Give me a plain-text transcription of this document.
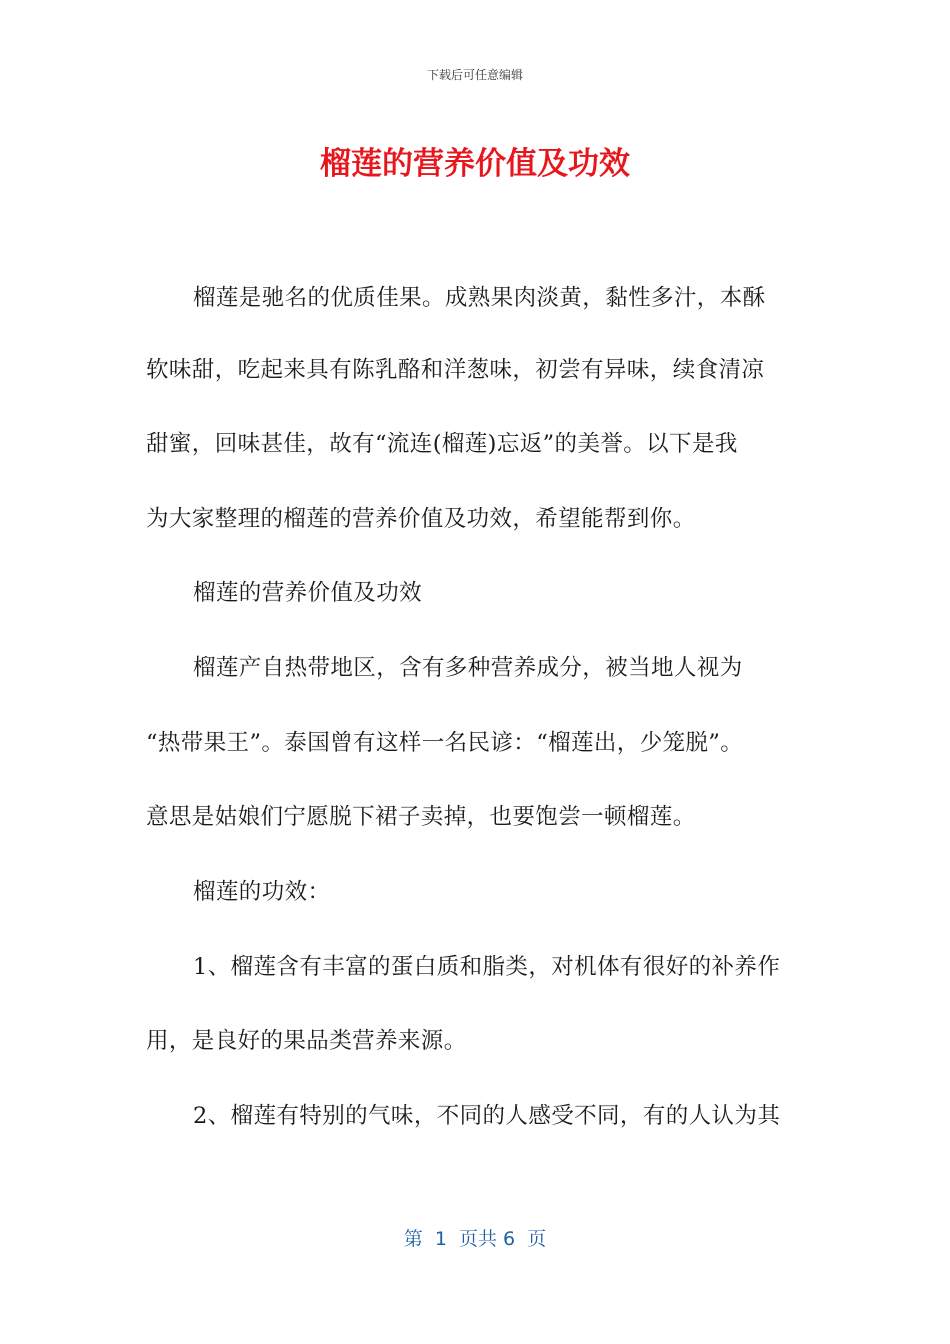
下载后可任意编辑
榴莲的营养价值及功效
榴莲是驰名的优质佳果。成熟果肉淡黄，黏性多汁，本酥
软味甜，吃起来具有陈乳酪和洋葱味，初尝有异味，续食清凉
甜蜜，回味甚佳，故有“流连(榴莲)忘返”的美誉。以下是我
为大家整理的榴莲的营养价值及功效，希望能帮到你。
榴莲的营养价值及功效
榴莲产自热带地区，含有多种营养成分，被当地人视为
“热带果王”。泰国曾有这样一名民谚：“榴莲出，少笼脱”。
意思是姑娘们宁愿脱下裙子卖掉，也要饱尝一顿榴莲。
榴莲的功效：
1、榴莲含有丰富的蛋白质和脂类，对机体有很好的补养作
用，是良好的果品类营养来源。
2、榴莲有特别的气味，不同的人感受不同，有的人认为其
第  1  页共 6  页
